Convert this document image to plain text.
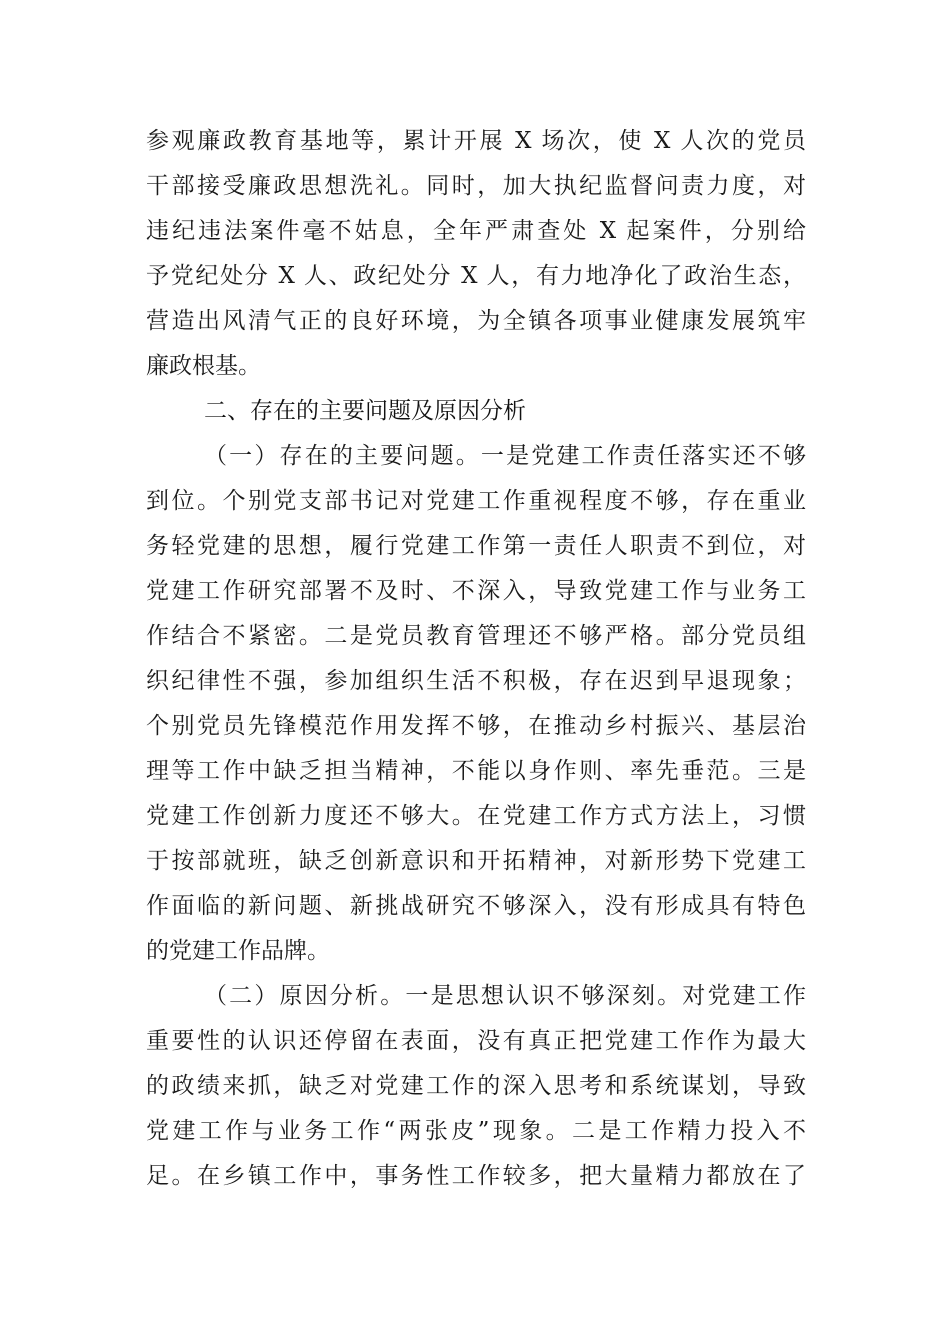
参观廉政教育基地等，累计开展 X 场次，使 X 人次的党员
干部接受廉政思想洗礼。同时，加大执纪监督问责力度，对
违纪违法案件毫不姑息，全年严肃查处 X 起案件，分别给
予党纪处分 X 人、政纪处分 X 人，有力地净化了政治生态，
营造出风清气正的良好环境，为全镇各项事业健康发展筑牢
廉政根基。
二、存在的主要问题及原因分析
（一）存在的主要问题。一是党建工作责任落实还不够
到位。个别党支部书记对党建工作重视程度不够，存在重业
务轻党建的思想，履行党建工作第一责任人职责不到位，对
党建工作研究部署不及时、不深入，导致党建工作与业务工
作结合不紧密。二是党员教育管理还不够严格。部分党员组
织纪律性不强，参加组织生活不积极，存在迟到早退现象；
个别党员先锋模范作用发挥不够，在推动乡村振兴、基层治
理等工作中缺乏担当精神，不能以身作则、率先垂范。三是
党建工作创新力度还不够大。在党建工作方式方法上，习惯
于按部就班，缺乏创新意识和开拓精神，对新形势下党建工
作面临的新问题、新挑战研究不够深入，没有形成具有特色
的党建工作品牌。
（二）原因分析。一是思想认识不够深刻。对党建工作
重要性的认识还停留在表面，没有真正把党建工作作为最大
的政绩来抓，缺乏对党建工作的深入思考和系统谋划，导致
党建工作与业务工作“两张皮”现象。二是工作精力投入不
足。在乡镇工作中，事务性工作较多，把大量精力都放在了
